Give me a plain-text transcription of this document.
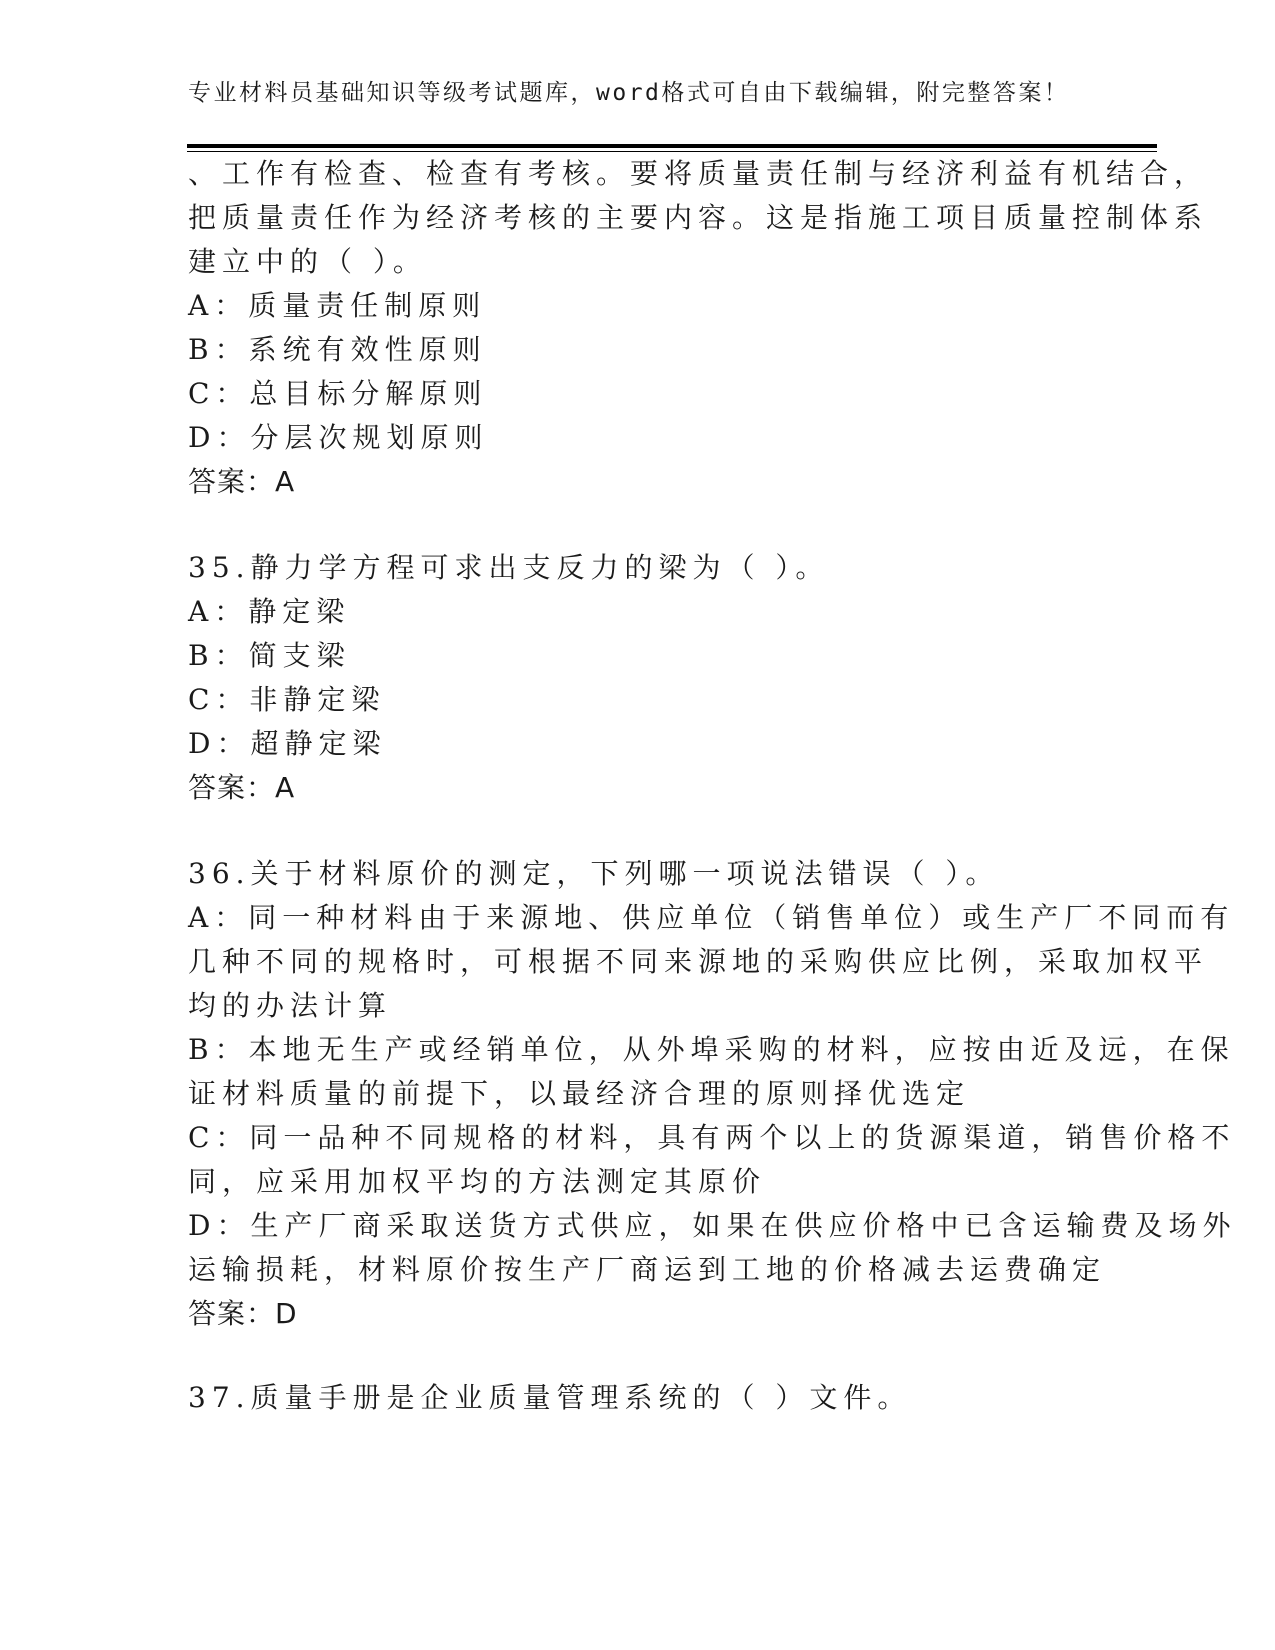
专业材料员基础知识等级考试题库，word格式可自由下载编辑，附完整答案！
、工作有检查、检查有考核。要将质量责任制与经济利益有机结合，
把质量责任作为经济考核的主要内容。这是指施工项目质量控制体系
建立中的（ ）。
A：质量责任制原则
B：系统有效性原则
C：总目标分解原则
D：分层次规划原则
答案：A
35.静力学方程可求出支反力的梁为（ ）。
A：静定梁
B：简支梁
C：非静定梁
D：超静定梁
答案：A
36.关于材料原价的测定，下列哪一项说法错误（ ）。
A：同一种材料由于来源地、供应单位（销售单位）或生产厂不同而有
几种不同的规格时，可根据不同来源地的采购供应比例，采取加权平
均的办法计算
B：本地无生产或经销单位，从外埠采购的材料，应按由近及远，在保
证材料质量的前提下，以最经济合理的原则择优选定
C：同一品种不同规格的材料，具有两个以上的货源渠道，销售价格不
同，应采用加权平均的方法测定其原价
D：生产厂商采取送货方式供应，如果在供应价格中已含运输费及场外
运输损耗，材料原价按生产厂商运到工地的价格减去运费确定
答案：D
37.质量手册是企业质量管理系统的（ ）文件。
